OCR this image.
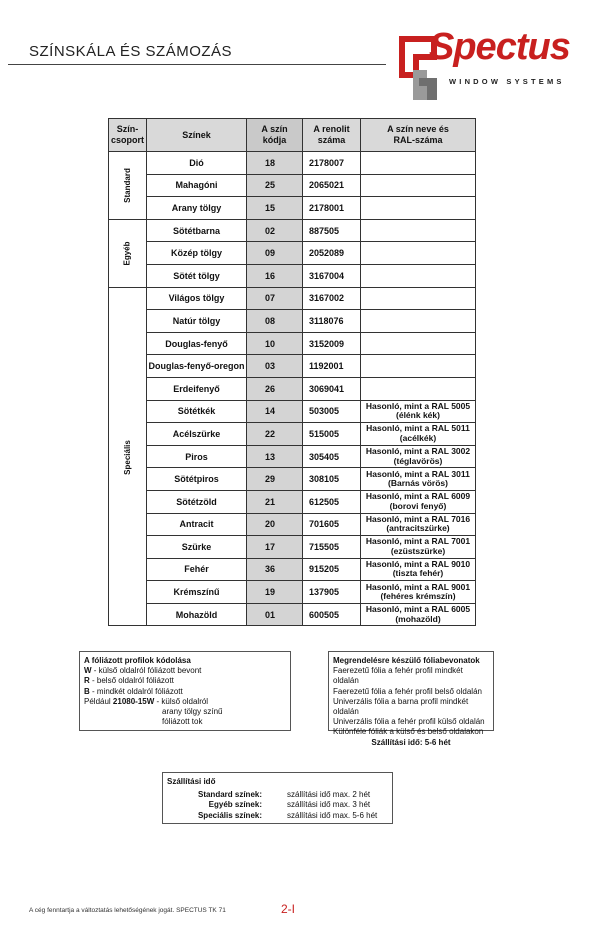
SZÍNSKÁLA ÉS SZÁMOZÁS	Spectus
WINDOW SYSTEMS
Szín-
csoport	Színek	A szín
kódja	A renolit
száma	A szín neve és
RAL-száma
Standard	Dió	18	2178007	

	Mahagóni	25	2065021	

	Arany tölgy	15	2178001	

Egyéb	Sötétbarna	02	887505	

	Közép tölgy	09	2052089	

	Sötét tölgy	16	3167004	

Speciális	Világos tölgy	07	3167002	

	Natúr tölgy	08	3118076	

	Douglas-fenyő	10	3152009	

	Douglas-fenyő-oregon	03	1192001	

	Erdeifenyő	26	3069041	

	Sötétkék	14	503005	Hasonló, mint a RAL 5005
(élénk kék)

	Acélszürke	22	515005	Hasonló, mint a RAL 5011
(acélkék)

	Piros	13	305405	Hasonló, mint a RAL 3002
(téglavörös)

	Sötétpiros	29	308105	Hasonló, mint a RAL 3011
(Barnás vörös)

	Sötétzöld	21	612505	Hasonló, mint a RAL 6009
(borovi fenyő)

	Antracit	20	701605	Hasonló, mint a RAL 7016
(antracitszürke)

	Szürke	17	715505	Hasonló, mint a RAL 7001
(ezüstszürke)

	Fehér	36	915205	Hasonló, mint a RAL 9010
(tiszta fehér)

	Krémszínű	19	137905	Hasonló, mint a RAL 9001
(fehéres krémszín)

	Mohazöld	01	600505	Hasonló, mint a RAL 6005
(mohazöld)
A fóliázott profilok kódolása
W - külső oldalról fóliázott bevont
R - belső oldalról fóliázott
B - mindkét oldalról fóliázott
Például 21080-15W - külső oldalról
arany tölgy színű
fóliázott tok
Megrendelésre készülő fóliabevonatok
Faerezetű fólia a fehér profil mindkét oldalán
Faerezetű fólia a fehér profil belső oldalán
Univerzális fólia a barna profil mindkét oldalán
Univerzális fólia a fehér profil külső oldalán
Különféle fóliák a külső és belső oldalakon
Szállítási idő: 5-6 hét
Szállítási idő
Standard színek:	szállítási idő max. 2 hét
Egyéb színek:	szállítási idő max. 3 hét
Speciális színek:	szállítási idő max. 5-6 hét
A cég fenntartja a változtatás lehetőségének jogát. SPECTUS TK 71	2-I
